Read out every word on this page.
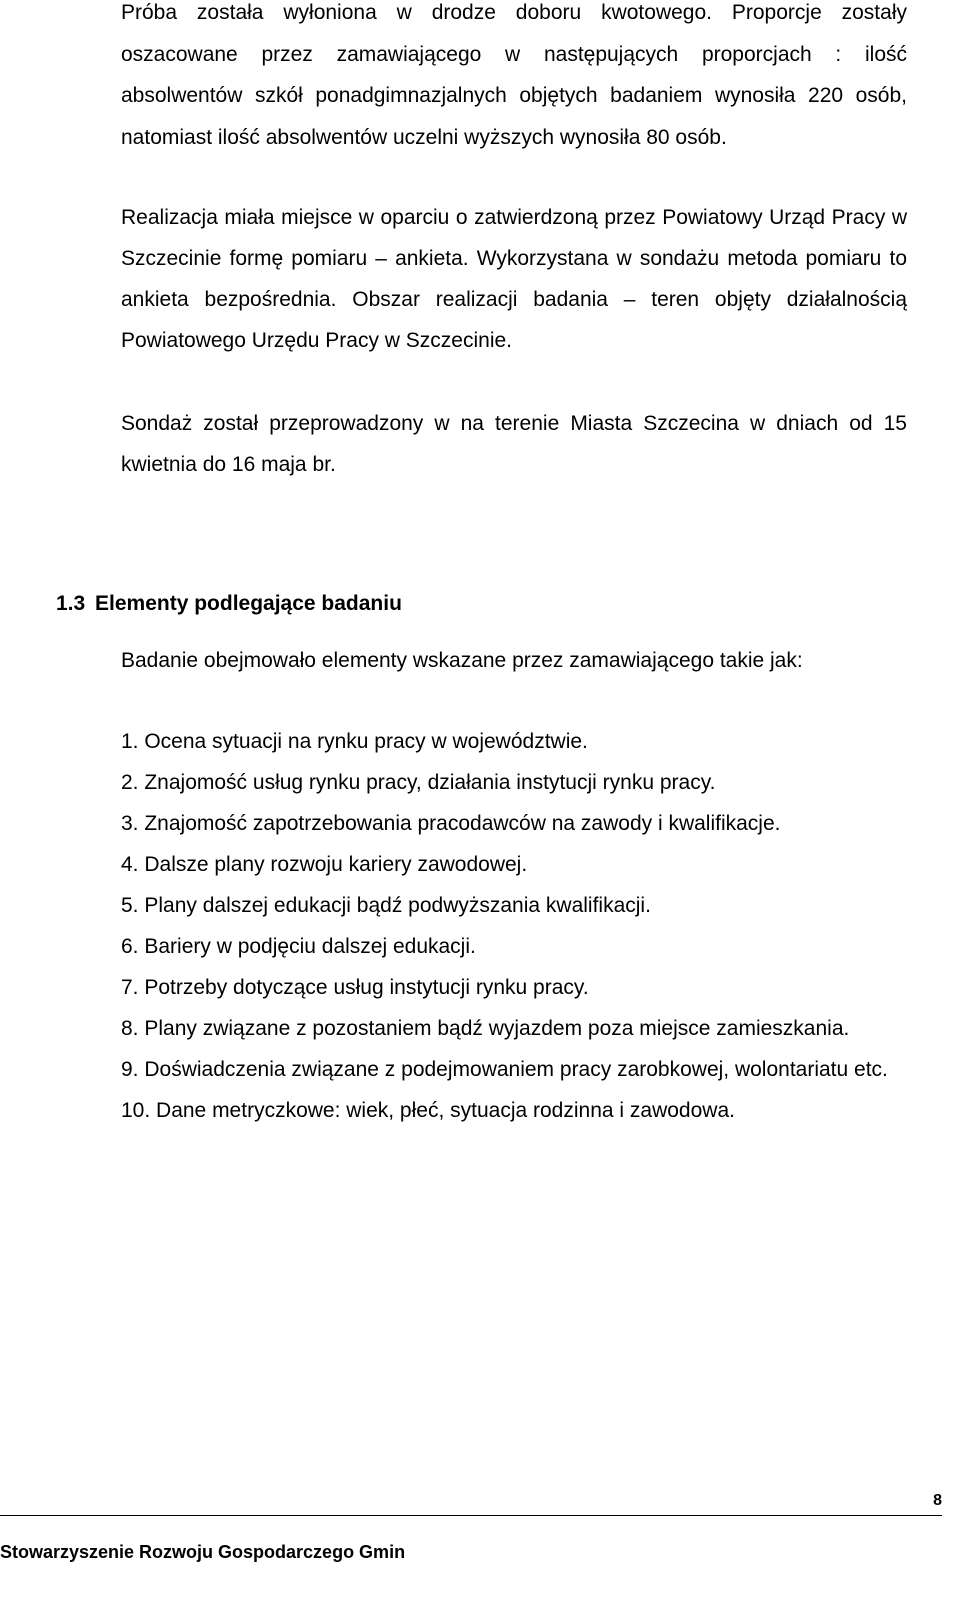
Próba została wyłoniona w drodze doboru kwotowego. Proporcje zostały oszacowane przez zamawiającego w następujących proporcjach : ilość absolwentów szkół ponadgimnazjalnych objętych badaniem wynosiła 220 osób, natomiast ilość absolwentów uczelni wyższych wynosiła 80 osób.

Realizacja miała miejsce w oparciu o zatwierdzoną przez Powiatowy Urząd Pracy w Szczecinie formę pomiaru – ankieta. Wykorzystana w sondażu metoda pomiaru to ankieta bezpośrednia. Obszar realizacji badania – teren objęty działalnością Powiatowego Urzędu Pracy w Szczecinie.

Sondaż został przeprowadzony w na terenie Miasta Szczecina w dniach od 15 kwietnia do 16 maja br.

1.3 Elementy podlegające badaniu

Badanie obejmowało elementy wskazane przez zamawiającego takie jak:

1. Ocena sytuacji na rynku pracy w województwie.
2. Znajomość usług rynku pracy, działania instytucji rynku pracy.
3. Znajomość zapotrzebowania pracodawców na zawody i kwalifikacje.
4. Dalsze plany rozwoju kariery zawodowej.
5. Plany dalszej edukacji bądź podwyższania kwalifikacji.
6. Bariery w podjęciu dalszej edukacji.
7. Potrzeby dotyczące usług instytucji rynku pracy.
8. Plany związane z pozostaniem bądź wyjazdem poza miejsce zamieszkania.
9. Doświadczenia związane z podejmowaniem pracy zarobkowej, wolontariatu etc.
10. Dane metryczkowe: wiek, płeć, sytuacja rodzinna i zawodowa.
8
Stowarzyszenie Rozwoju Gospodarczego Gmin
